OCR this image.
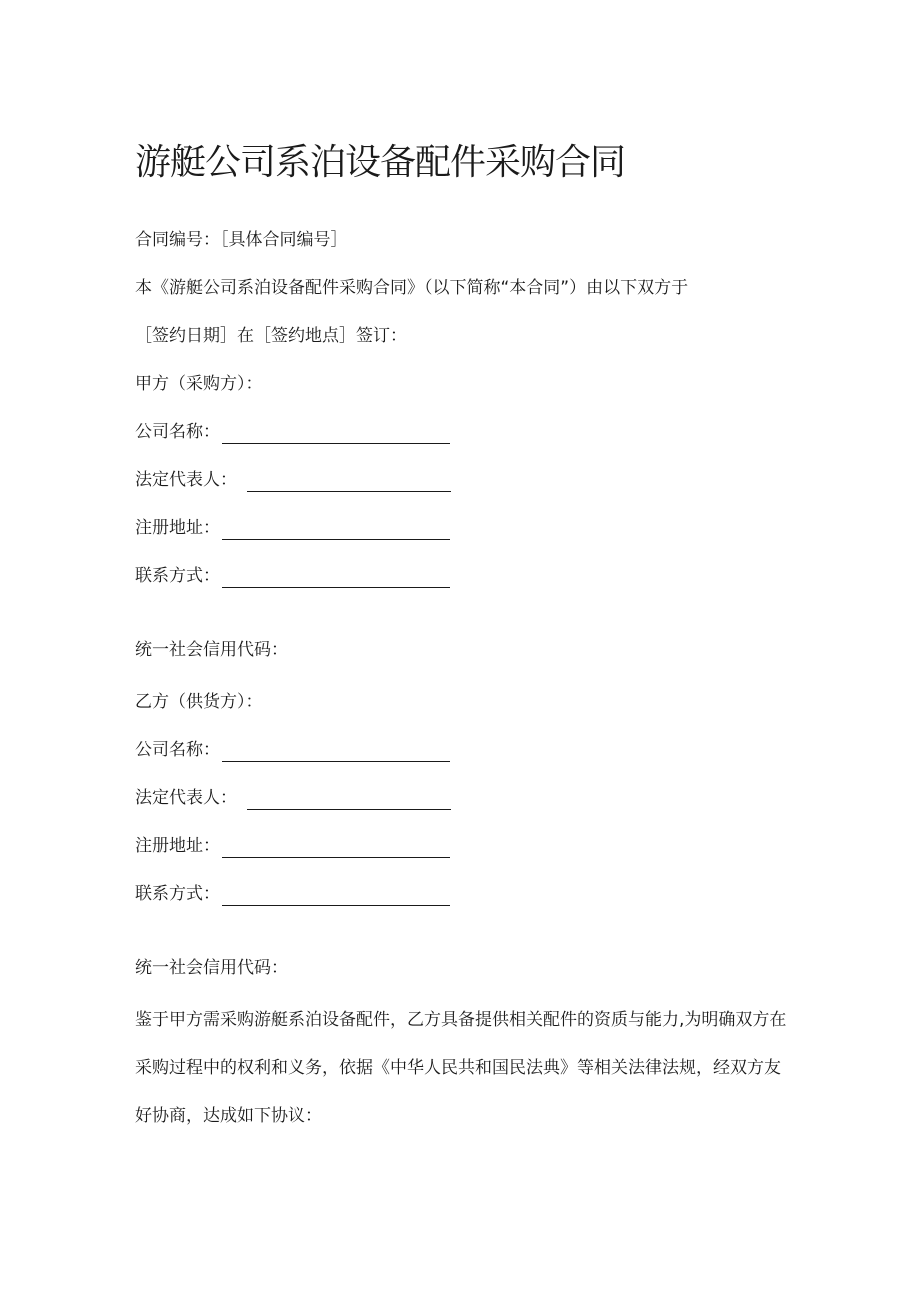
游艇公司系泊设备配件采购合同
合同编号：［具体合同编号］
本《游艇公司系泊设备配件采购合同》（以下简称“本合同”）由以下双方于
［签约日期］在［签约地点］签订：
甲方（采购方）：
公司名称：
法定代表人：
注册地址：
联系方式：
统一社会信用代码：
乙方（供货方）：
公司名称：
法定代表人：
注册地址：
联系方式：
统一社会信用代码：
鉴于甲方需采购游艇系泊设备配件，乙方具备提供相关配件的资质与能力,为明确双方在
采购过程中的权利和义务，依据《中华人民共和国民法典》等相关法律法规，经双方友
好协商，达成如下协议：
